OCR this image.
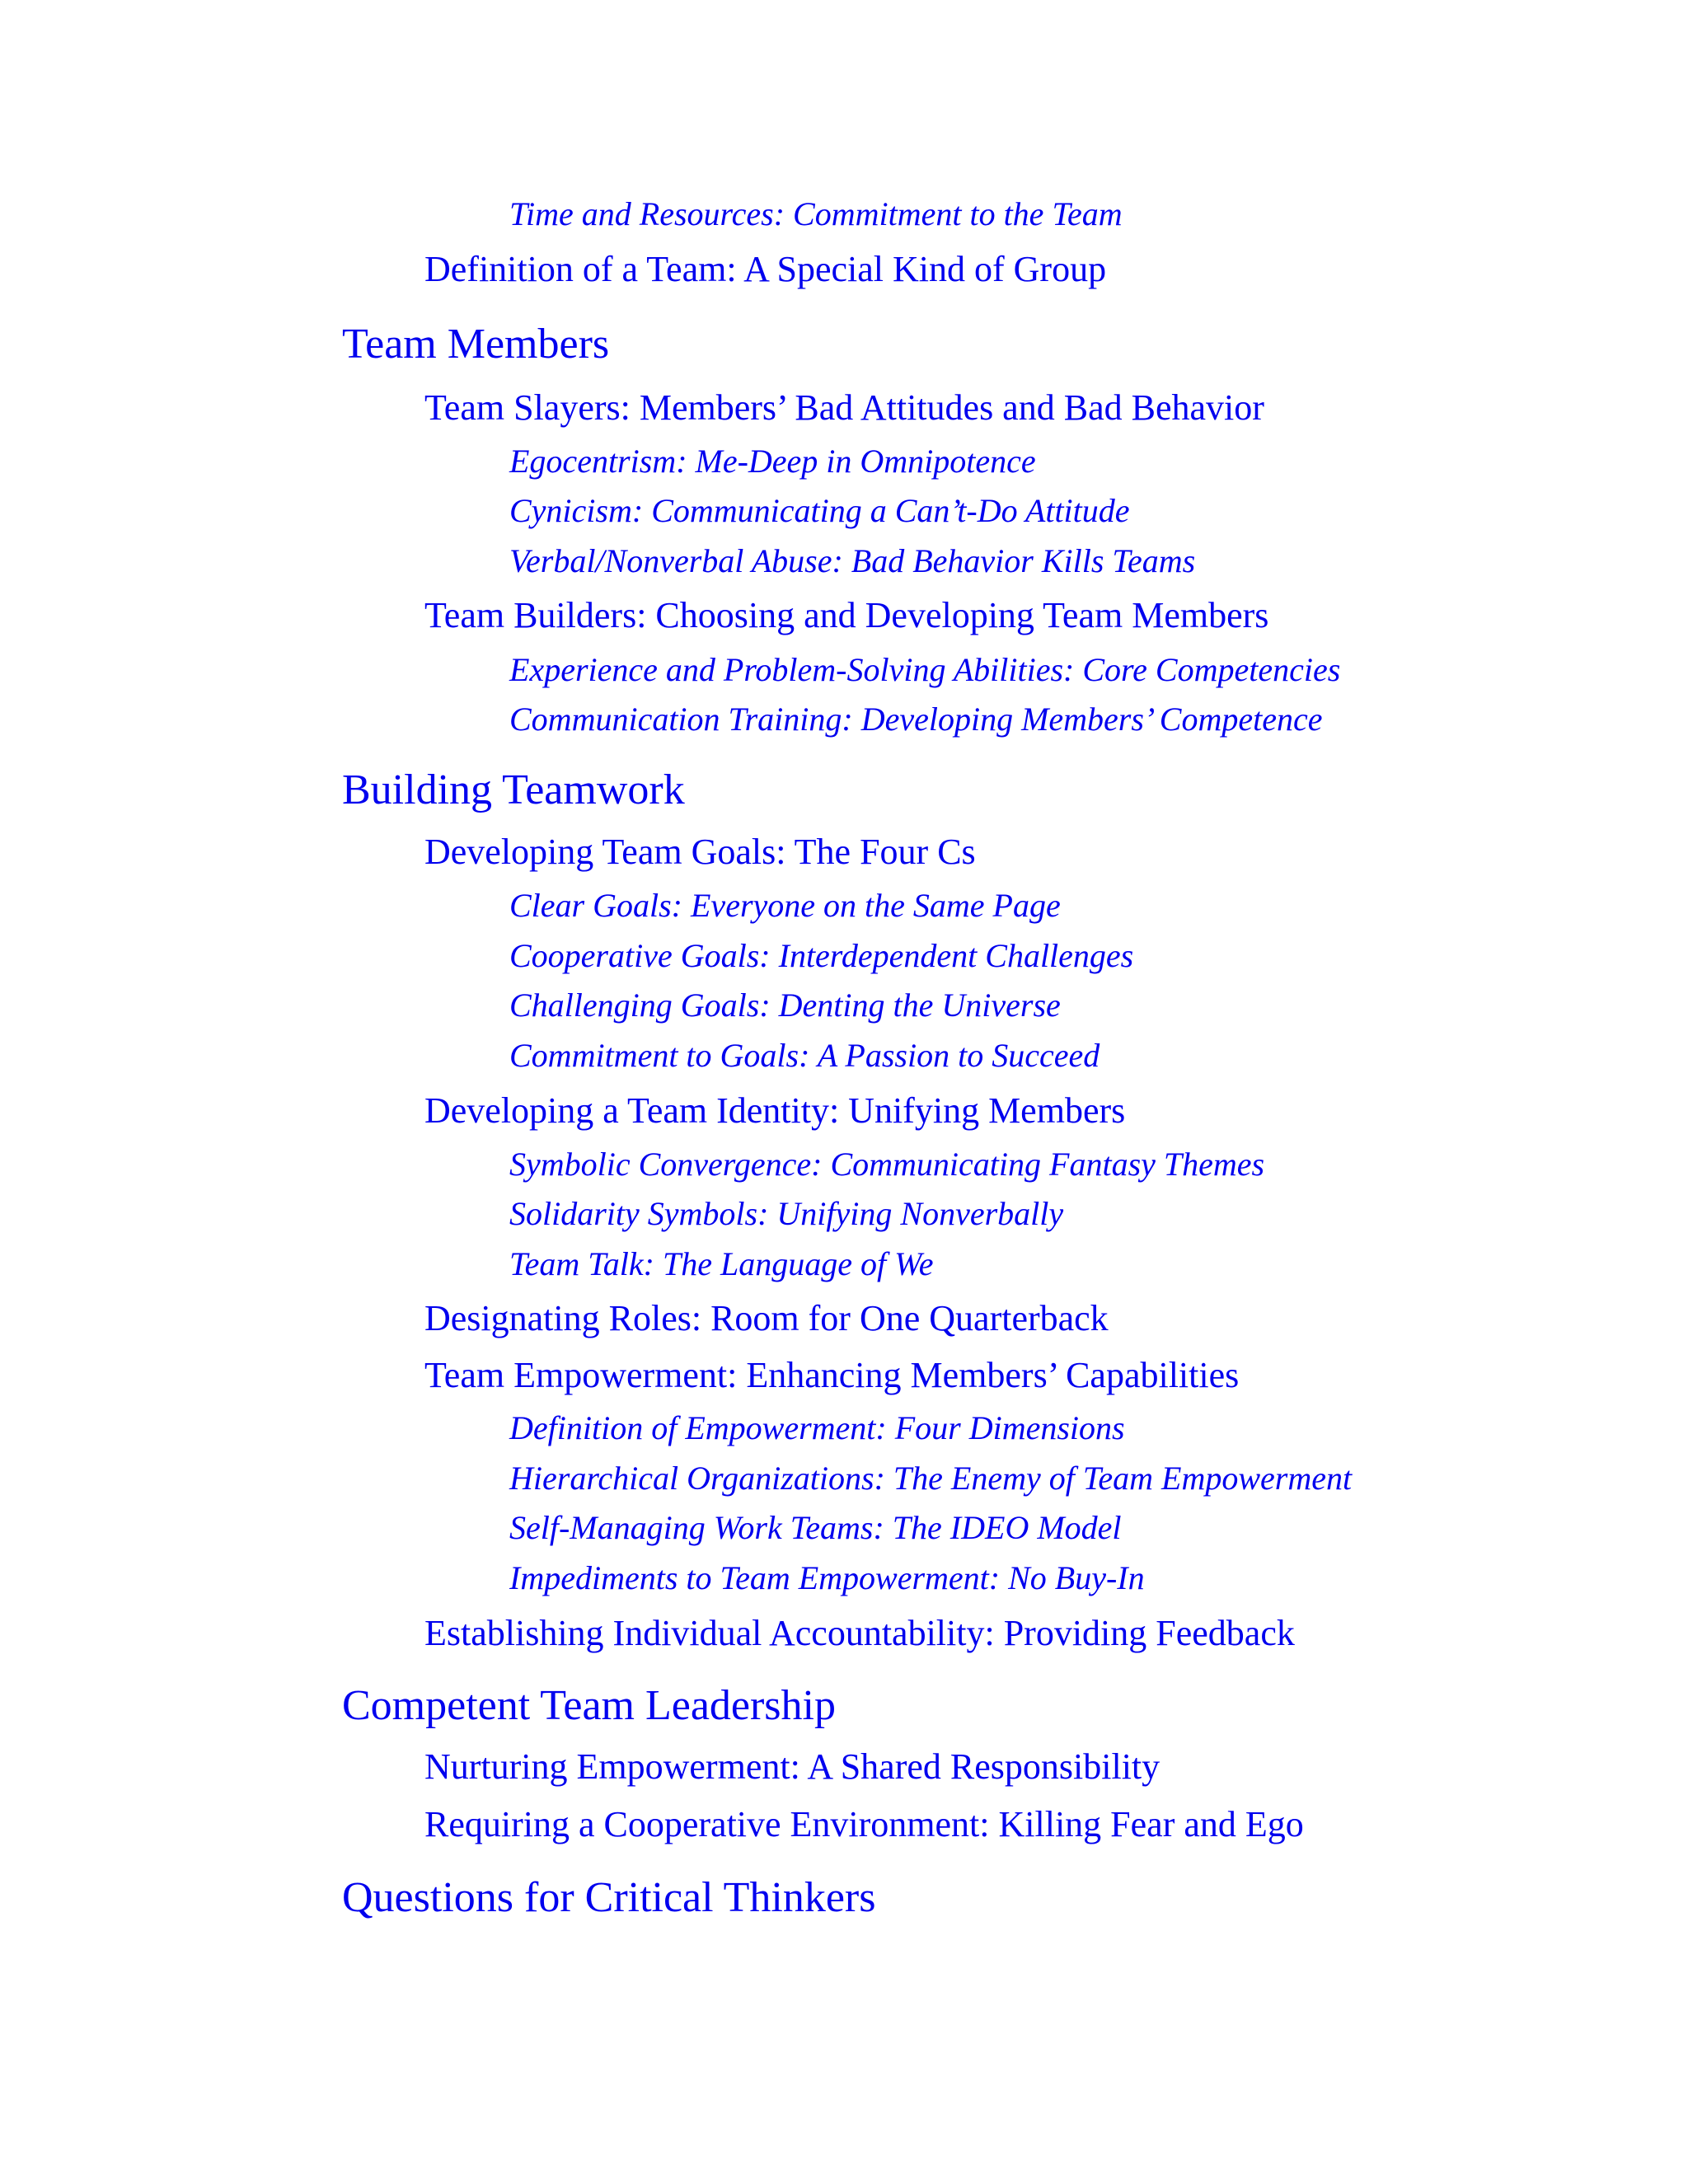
Time and Resources: Commitment to the Team
Definition of a Team: A Special Kind of Group
Team Members
Team Slayers: Members’ Bad Attitudes and Bad Behavior
Egocentrism: Me-Deep in Omnipotence
Cynicism: Communicating a Can’t-Do Attitude
Verbal/Nonverbal Abuse: Bad Behavior Kills Teams
Team Builders: Choosing and Developing Team Members
Experience and Problem-Solving Abilities: Core Competencies
Communication Training: Developing Members’ Competence
Building Teamwork
Developing Team Goals: The Four Cs
Clear Goals: Everyone on the Same Page
Cooperative Goals: Interdependent Challenges
Challenging Goals: Denting the Universe
Commitment to Goals: A Passion to Succeed
Developing a Team Identity: Unifying Members
Symbolic Convergence: Communicating Fantasy Themes
Solidarity Symbols: Unifying Nonverbally
Team Talk: The Language of We
Designating Roles: Room for One Quarterback
Team Empowerment: Enhancing Members’ Capabilities
Definition of Empowerment: Four Dimensions
Hierarchical Organizations: The Enemy of Team Empowerment
Self-Managing Work Teams: The IDEO Model
Impediments to Team Empowerment: No Buy-In
Establishing Individual Accountability: Providing Feedback
Competent Team Leadership
Nurturing Empowerment: A Shared Responsibility
Requiring a Cooperative Environment: Killing Fear and Ego
Questions for Critical Thinkers
